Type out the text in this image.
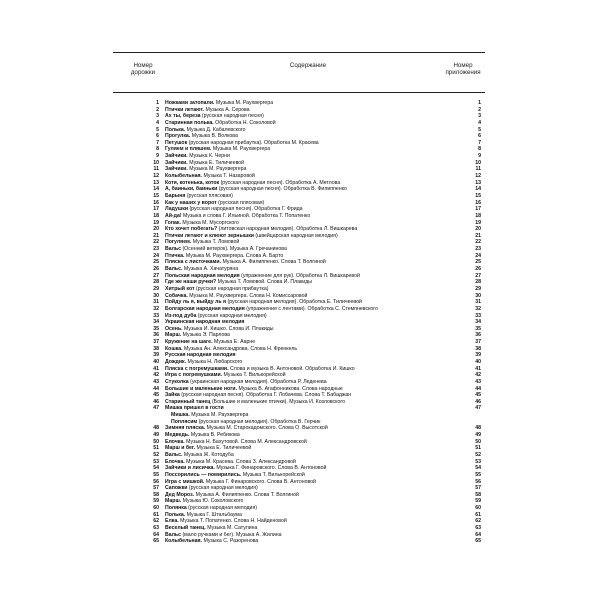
Номер дорожки
Содержание	Номер приложения
1 Ножками затопали. Музыка М. Раухвергера	1
2 Птички летают. Музыка А. Серова	2
3 Ах ты, береза (русская народная песня)	3
4 Старинная полька. Обработка Н. Соколовой	4
5 Полька. Музыка Д. Кабалевского	5
6 Прогулка. Музыка В. Волкова	6
7 Петушок (русская народная прибаутка). Обработка М. Красева	7
8 Гуляем и пляшем. Музыка М. Раухвергера	8
9 Зайчики. Музыка К. Черни	9
10 Зайчики. Музыка Е. Тиличеевой	10
11 Зайчики. Музыка М. Раухвергера	11
12 Колыбельная. Музыка Т. Назаровой	12
13 Котя, котенька, коток (русская народная песня). Обработка А. Метлова	13
14 А, баиньки, баиньки (русская народная песня). Обработка В. Филиппенко	14
15 Барыня (русская плясовая)	15
16 Как у наших у ворот (русская плясовая)	16
17 Ладушки (русская народная песня). Обработка Г. Фрида	17
18 Ай-да! Музыка и слова Г. Ильиной. Обработка Т. Попатенко	18
19 Гопак. Музыка М. Мусоргского	19
20 Кто хочет побегать? (литовская народная мелодия). Обработка Л. Вишкарева	20
21 Птички летают и клюют зернышки (швейцарская народная мелодия)	21
22 Погуляем. Музыка Т. Ломовой	22
23 Вальс (Осенний ветерок). Музыка А. Гречанинова	23
24 Птичка. Музыка М. Раухвергера. Слова А. Барто	24
25 Пляска с листочками. Музыка А. Филиппенко. Слова Т. Волгиной	25
26 Вальс. Музыка А. Хачатуряна	26
27 Польская народная мелодия (упражнение для рук). Обработка Л. Вишкаревой	27
28 Где же наши ручки? Музыка Т. Ломовой. Слова И. Плакиды	28
29 Хитрый кот (русская народная прибаутка)	29
30 Собачка. Музыка М. Раухвергера. Слова Н. Комиссаровой	30
31 Пойду ль я, выйду ль я (русская народная мелодия). Обработка Е. Тиличеевой	31
32 Болгарская народная мелодия (упражнение с лентами). Обработка С. Стемпневского	32
33 Из-под дуба (русская народная мелодия)	33
34 Украинская народная мелодия	34
35 Осень. Музыка И. Кишко. Слова И. Плакиды	35
36 Марш. Музыка Э. Парлова	36
37 Кружение на шаге. Музыка Е. Аарне	37
38 Кошка. Музыка Ан. Александрова. Слова Н. Френкель	38
39 Русская народная мелодия	39
40 Дождик. Музыка Н. Любарского	40
41 Пляска с погремушками. Слова и музыка В. Антоновой. Обработка И. Кишко	41
42 Игра с погремушками. Музыка Т. Вилькорейской	42
43 Стуколка (украинская народная мелодия). Обработка Р. Леденева	43
44 Большие и маленькие ноги. Музыка В. Агафонникова. Слова народные	44
45 Зайка (русская народная песня). Обработка Г. Лобачева. Слова Т. Бабаджан	45
46 Старинный танец (Большие и маленькие птички). Музыка И. Козловского	46
47 Мишка пришел в гости	47
Мишка. Музыка М. Раухвергера
Поплясим (русская народная мелодия). Обработка В. Герчик
48 Зимняя пляска. Музыка М. Старокадомского. Слова О. Высотской	48
49 Медведь. Музыка В. Ребикова	49
50 Елочка. Музыка Н. Бахутовой. Слова М. Александровской	50
51 Марш и бег. Музыка Е. Тиличеевой	51
52 Вальс. Музыка Ж. Котодубa	52
53 Елочка. Музыка М. Красева. Слова З. Александровой	53
54 Зайчики и лисичка. Музыка Г. Финаровского. Слова В. Антоновой	54
55 Поссорились — помирились. Музыка Т. Вилькорейской	55
56 Игра с мишкой. Музыка Г. Финаровского. Слова В. Антоновой	56
57 Сапожки (русская народная мелодия)	57
58 Дед Мороз. Музыка А. Филиппенко. Слова Т. Волгиной	58
59 Марш. Музыка Ю. Соколовского	59
60 Полянка (русская народная мелодия)	60
61 Полька. Музыка Г. Штальбаума	61
62 Елка. Музыка Т. Попатенко. Слова Н. Найденовой	62
63 Веселый танец. Музыка М. Сатулина	63
64 Вальс (мало ручками и бег). Музыка А. Жилина	64
65 Колыбельная. Музыка С. Разоренова	65
